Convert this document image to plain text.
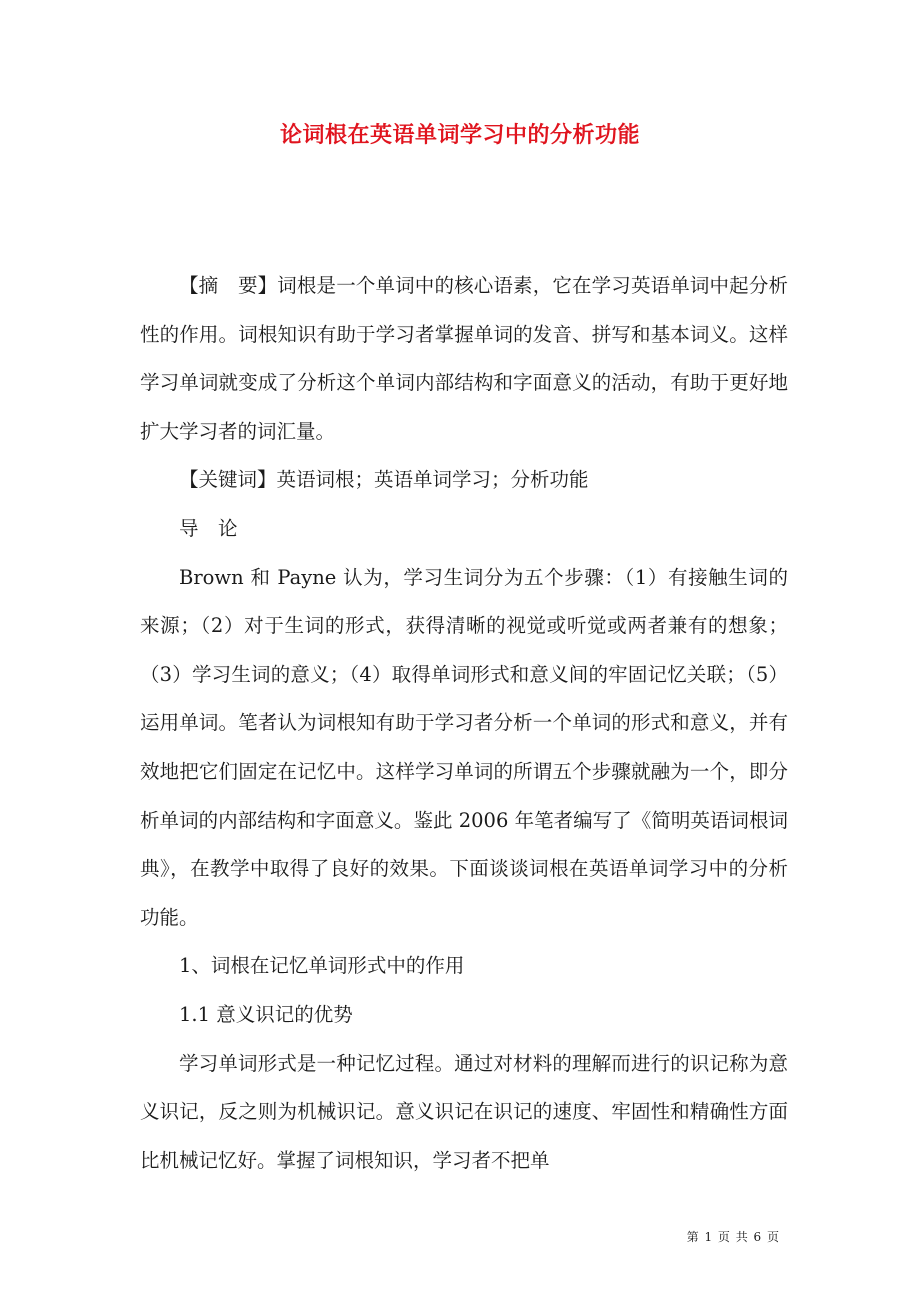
论词根在英语单词学习中的分析功能

【摘　要】词根是一个单词中的核心语素，它在学习英语单词中起分析性的作用。词根知识有助于学习者掌握单词的发音、拼写和基本词义。这样学习单词就变成了分析这个单词内部结构和字面意义的活动，有助于更好地扩大学习者的词汇量。

【关键词】英语词根；英语单词学习；分析功能

导　论

Brown 和 Payne 认为，学习生词分为五个步骤：（1）有接触生词的来源；（2）对于生词的形式，获得清晰的视觉或听觉或两者兼有的想象；（3）学习生词的意义；（4）取得单词形式和意义间的牢固记忆关联；（5）运用单词。笔者认为词根知有助于学习者分析一个单词的形式和意义，并有效地把它们固定在记忆中。这样学习单词的所谓五个步骤就融为一个，即分析单词的内部结构和字面意义。鉴此 2006 年笔者编写了《简明英语词根词典》，在教学中取得了良好的效果。下面谈谈词根在英语单词学习中的分析功能。

1、词根在记忆单词形式中的作用

1.1 意义识记的优势

学习单词形式是一种记忆过程。通过对材料的理解而进行的识记称为意义识记，反之则为机械识记。意义识记在识记的速度、牢固性和精确性方面比机械记忆好。掌握了词根知识，学习者不把单

第 1 页 共 6 页
